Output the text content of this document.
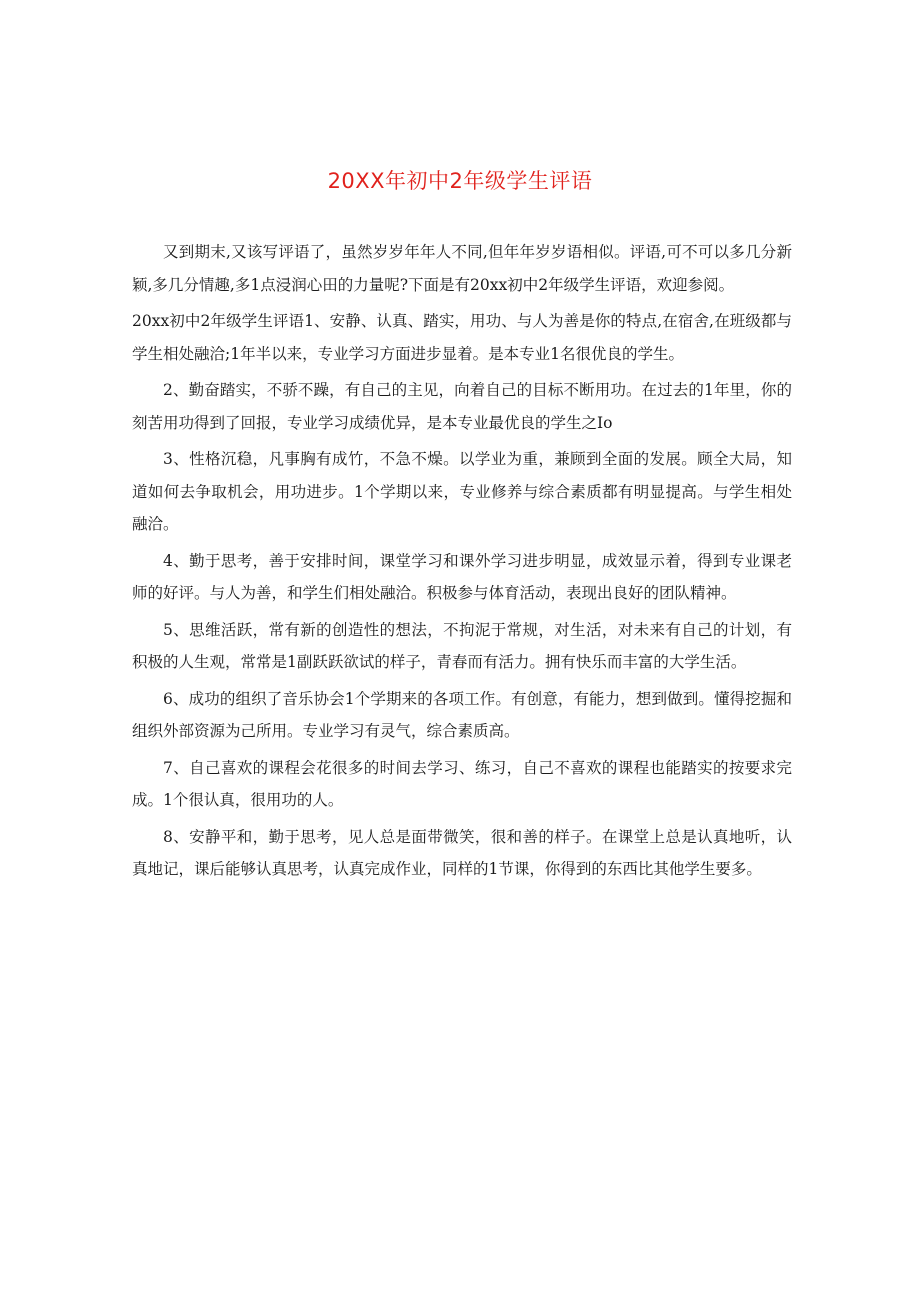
20XX年初中2年级学生评语

又到期末,又该写评语了，虽然岁岁年年人不同,但年年岁岁语相似。评语,可不可以多几分新颖,多几分情趣,多1点浸润心田的力量呢?下面是有20xx初中2年级学生评语，欢迎参阅。

20xx初中2年级学生评语1、安静、认真、踏实，用功、与人为善是你的特点,在宿舍,在班级都与学生相处融洽;1年半以来，专业学习方面进步显着。是本专业1名很优良的学生。

2、勤奋踏实，不骄不躁，有自己的主见，向着自己的目标不断用功。在过去的1年里，你的刻苦用功得到了回报，专业学习成绩优异，是本专业最优良的学生之Io

3、性格沉稳，凡事胸有成竹，不急不燥。以学业为重，兼顾到全面的发展。顾全大局，知道如何去争取机会，用功进步。1个学期以来，专业修养与综合素质都有明显提高。与学生相处融洽。

4、勤于思考，善于安排时间，课堂学习和课外学习进步明显，成效显示着，得到专业课老师的好评。与人为善，和学生们相处融洽。积极参与体育活动，表现出良好的团队精神。

5、思维活跃，常有新的创造性的想法，不拘泥于常规，对生活，对未来有自己的计划，有积极的人生观，常常是1副跃跃欲试的样子，青春而有活力。拥有快乐而丰富的大学生活。

6、成功的组织了音乐协会1个学期来的各项工作。有创意，有能力，想到做到。懂得挖掘和组织外部资源为己所用。专业学习有灵气，综合素质高。

7、自己喜欢的课程会花很多的时间去学习、练习，自己不喜欢的课程也能踏实的按要求完成。1个很认真，很用功的人。

8、安静平和，勤于思考，见人总是面带微笑，很和善的样子。在课堂上总是认真地听，认真地记，课后能够认真思考，认真完成作业，同样的1节课，你得到的东西比其他学生要多。
